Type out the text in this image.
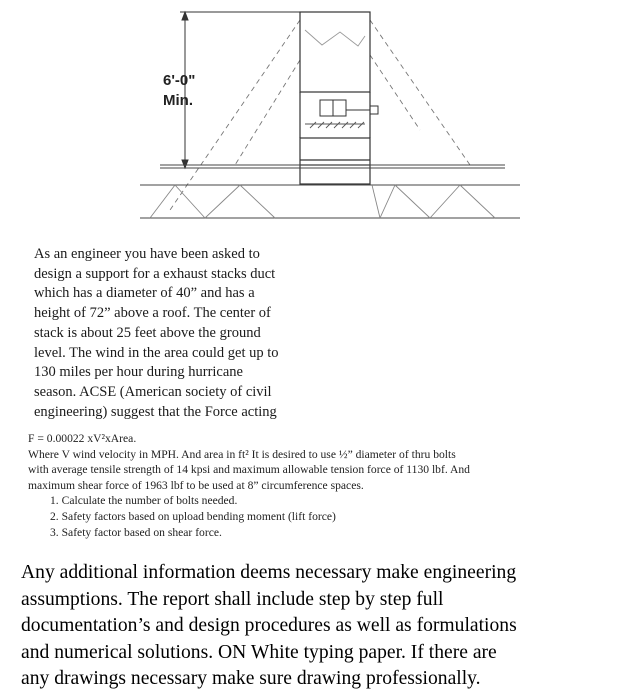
6'-0"
Min.
As an engineer you have been asked to
design a support for a exhaust stacks duct
which has a diameter of 40” and has a
height of 72” above a roof. The center of
stack is about 25 feet above the ground
level. The wind in the area could get up to
130 miles per hour during hurricane
season. ACSE (American society of civil
engineering) suggest that the Force acting
F = 0.00022 xV²xArea.
Where V wind velocity in MPH. And area in ft² It is desired to use ½” diameter of thru bolts
with average tensile strength of 14 kpsi and maximum allowable tension force of 1130 lbf. And
maximum shear force of 1963 lbf to be used at 8” circumference spaces.
1. Calculate the number of bolts needed.
2. Safety factors based on upload bending moment (lift force)
3. Safety factor based on shear force.
Any additional information deems necessary make engineering
assumptions. The report shall include step by step full
documentation’s and design procedures as well as formulations
and numerical solutions. ON White typing paper. If there are
any drawings necessary make sure drawing professionally.
